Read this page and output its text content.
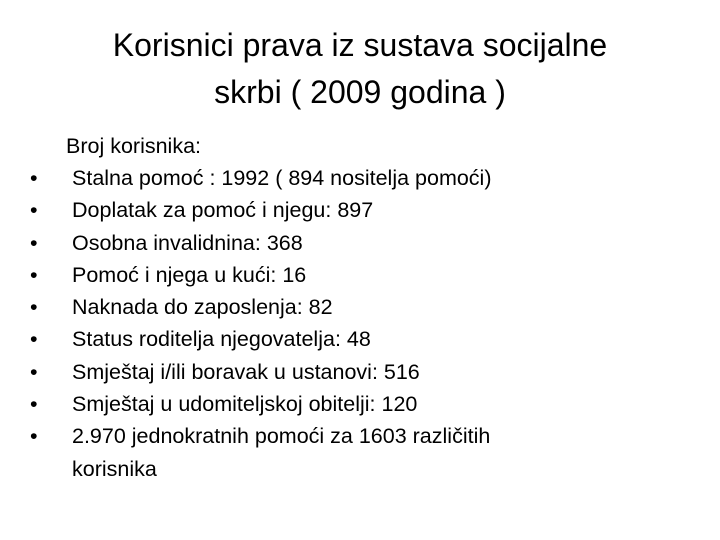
Korisnici prava iz sustava socijalne
skrbi ( 2009 godina )
Broj korisnika:
•	Stalna pomoć : 1992 ( 894 nositelja pomoći)
•	Doplatak za pomoć i njegu: 897
•	Osobna invalidnina: 368
•	Pomoć i njega u kući: 16
•	Naknada do zaposlenja: 82
•	Status roditelja njegovatelja: 48
•	Smještaj i/ili boravak u ustanovi: 516
•	Smještaj u udomiteljskoj obitelji: 120
•	2.970 jednokratnih pomoći za 1603 različitih
korisnika
